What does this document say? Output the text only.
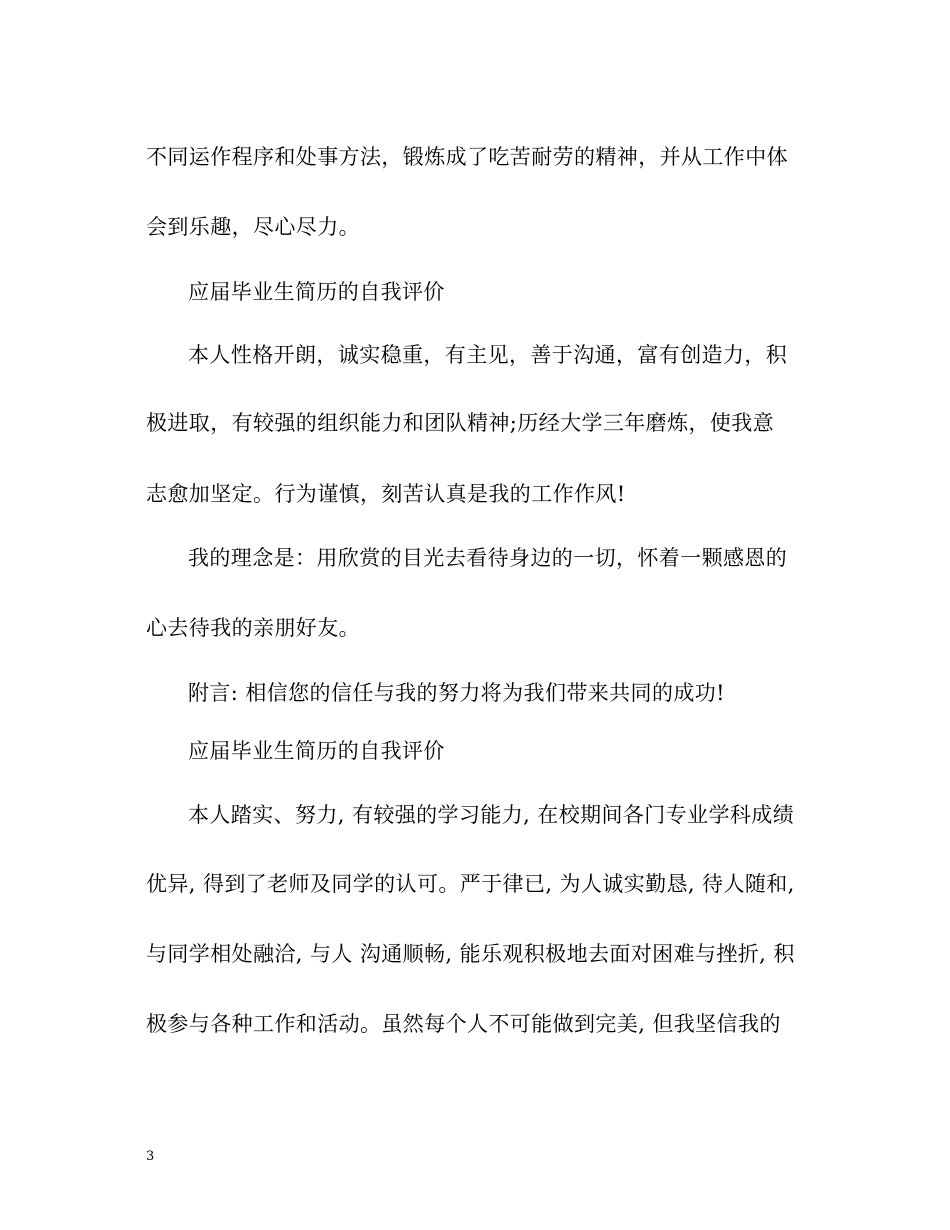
不同运作程序和处事方法，锻炼成了吃苦耐劳的精神，并从工作中体
会到乐趣，尽心尽力。
应届毕业生简历的自我评价
本人性格开朗，诚实稳重，有主见，善于沟通，富有创造力，积
极进取，有较强的组织能力和团队精神;历经大学三年磨炼，使我意
志愈加坚定。行为谨慎，刻苦认真是我的工作作风!
我的理念是：用欣赏的目光去看待身边的一切，怀着一颗感恩的
心去待我的亲朋好友。
附言: 相信您的信任与我的努力将为我们带来共同的成功!
应届毕业生简历的自我评价
本人踏实、努力, 有较强的学习能力, 在校期间各门专业学科成绩
优异, 得到了老师及同学的认可。严于律已, 为人诚实勤恳, 待人随和,
与同学相处融洽, 与人 沟通顺畅, 能乐观积极地去面对困难与挫折, 积
极参与各种工作和活动。虽然每个人不可能做到完美, 但我坚信我的
3
